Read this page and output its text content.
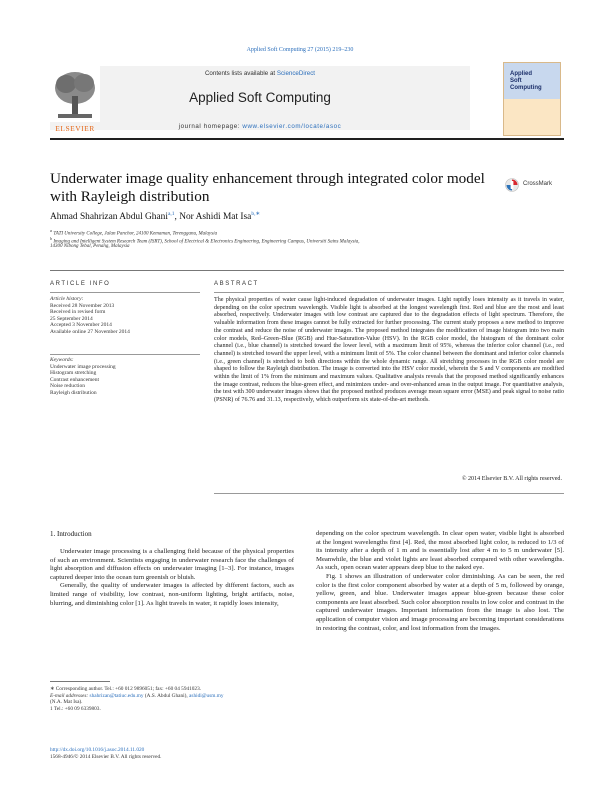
Applied Soft Computing 27 (2015) 219–230
ELSEVIER
Contents lists available at ScienceDirect
Applied Soft Computing
journal homepage: www.elsevier.com/locate/asoc
Applied
Soft
Computing
Underwater image quality enhancement through integrated color model with Rayleigh distribution
CrossMark
Ahmad Shahrizan Abdul Ghani$^{a,1}$, Nor Ashidi Mat Isa$^{b,∗}$
$^a$ TATI University College, Jalan Panchor, 24100 Kemaman, Terengganu, Malaysia
$^b$ Imaging and Intelligent System Research Team (ISRT), School of Electrical & Electronics Engineering, Engineering Campus, Universiti Sains Malaysia,
14300 Nibong Tebal, Penang, Malaysia
ARTICLE INFO
Article history:
Received 28 November 2013
Received in revised form
25 September 2014
Accepted 3 November 2014
Available online 27 November 2014
Keywords:
Underwater image processing
Histogram stretching
Contrast enhancement
Noise reduction
Rayleigh distribution
ABSTRACT
The physical properties of water cause light-induced degradation of underwater images. Light rapidly loses intensity as it travels in water, depending on the color spectrum wavelength. Visible light is absorbed at the longest wavelength first. Red and blue are the most and least absorbed, respectively. Underwater images with low contrast are captured due to the degradation effects of light spectrum. Therefore, the valuable information from these images cannot be fully extracted for further processing. The current study proposes a new method to improve the contrast and reduce the noise of underwater images. The proposed method integrates the modification of image histogram into two main color models, Red–Green–Blue (RGB) and Hue-Saturation-Value (HSV). In the RGB color model, the histogram of the dominant color channel (i.e., blue channel) is stretched toward the lower level, with a maximum limit of 95%, whereas the inferior color channel (i.e., red channel) is stretched toward the upper level, with a minimum limit of 5%. The color channel between the dominant and inferior color channels (i.e., green channel) is stretched to both directions within the whole dynamic range. All stretching processes in the RGB color model are shaped to follow the Rayleigh distribution. The image is converted into the HSV color model, wherein the S and V components are modified within the limit of 1% from the minimum and maximum values. Qualitative analysis reveals that the proposed method significantly enhances the image contrast, reduces the blue-green effect, and minimizes under- and over-enhanced areas in the output image. For quantitative analysis, the test with 300 underwater images shows that the proposed method produces average mean square error (MSE) and peak signal to noise ratio (PSNR) of 76.76 and 31.13, respectively, which outperform six state-of-the-art methods.
© 2014 Elsevier B.V. All rights reserved.
1. Introduction

Underwater image processing is a challenging field because of the physical properties of such an environment. Scientists engaging in underwater research face the challenges of light absorption and diffusion effects on underwater imaging [1–3]. For instance, images captured deeper into the ocean turn greenish or bluish.

Generally, the quality of underwater images is affected by different factors, such as limited range of visibility, low contrast, non-uniform lighting, bright artifacts, noise, blurring, and diminishing color [1]. As light travels in water, it rapidly loses intensity,

depending on the color spectrum wavelength. In clear open water, visible light is absorbed at the longest wavelengths first [4]. Red, the most absorbed light color, is reduced to 1/3 of its intensity after a depth of 1 m and is essentially lost after 4 m to 5 m underwater [5]. Meanwhile, the blue and violet lights are least absorbed compared with other wavelengths. As such, open ocean water appears deep blue to the naked eye.

Fig. 1 shows an illustration of underwater color diminishing. As can be seen, the red color is the first color component absorbed by water at a depth of 5 m, followed by orange, yellow, green, and blue. Underwater images appear blue-green because these color components are least absorbed. Such color absorption results in low color and contrast in the captured underwater images. Important information from the image is also lost. The application of computer vision and image processing are becoming important considerations in restoring the contrast, color, and lost information from the images.

∗ Corresponding author. Tel.: +60 012 9896051; fax: +60 04 5941023.
E-mail addresses: shahrizan@tatiuc.edu.my (A.S. Abdul Ghani), ashidi@usm.my
(N.A. Mat Isa).
1 Tel.: +60 09 6339803.
http://dx.doi.org/10.1016/j.asoc.2014.11.020
1568-4946/© 2014 Elsevier B.V. All rights reserved.
